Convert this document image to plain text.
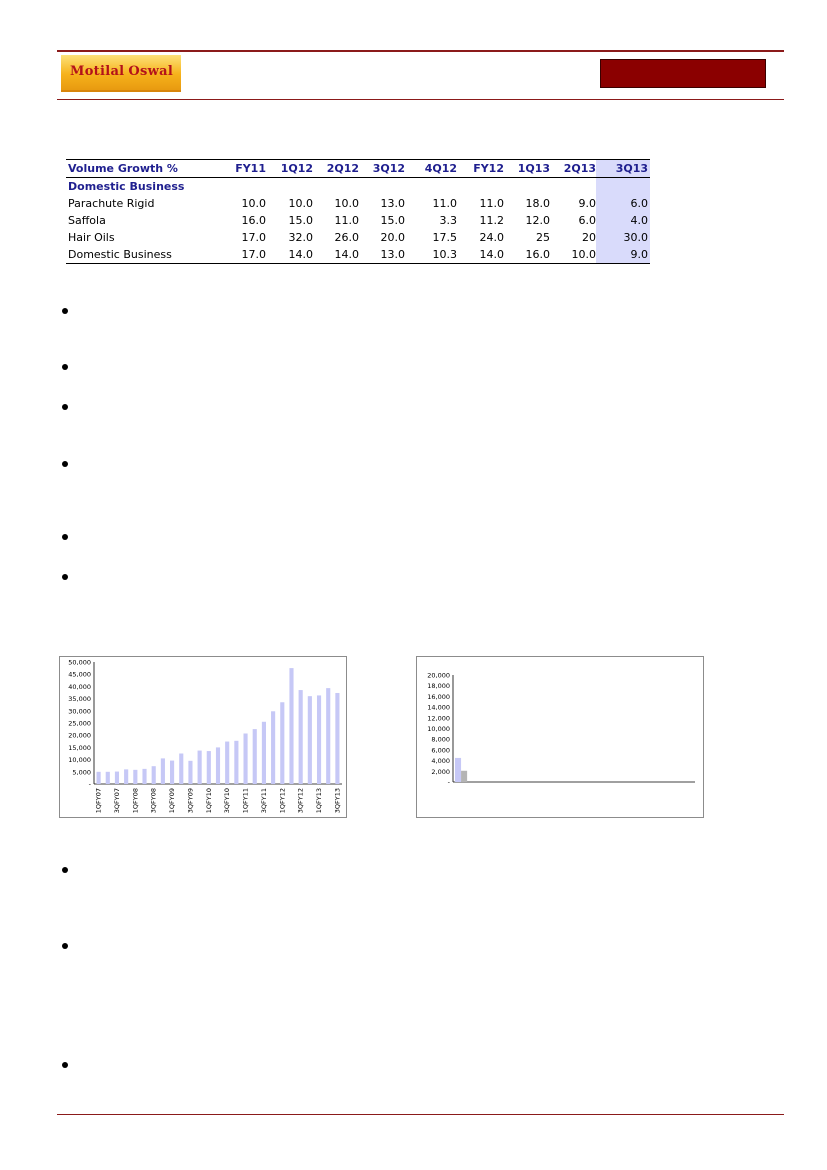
Motilal Oswal
Volume Growth %	FY11 1Q12 2Q12 3Q12 4Q12 FY12 1Q13 2Q13 3Q13
Domestic Business
Parachute Rigid	10.0 10.0 10.0 13.0	11.0 11.0 18.0	9.0	6.0
Saffola	16.0 15.0 11.0 15.0	3.3 11.2 12.0	6.0	4.0
Hair Oils	17.0 32.0 26.0 20.0	17.5 24.0	25	20	30.0
Domestic Business	17.0 14.0 14.0 13.0	10.3 14.0 16.0 10.0	9.0
50,000
45,000
40,000
35,000
30,000
25,000
20,000
15,000
10,000
5,000
-
1QFY07 3QFY07 1QFY08 3QFY08 1QFY09 3QFY09 1QFY10 3QFY10 1QFY11 3QFY11 1QFY12 3QFY12 1QFY13 3QFY13
20,000
18,000
16,000
14,000
12,000
10,000
8,000
6,000
4,000
2,000
-
